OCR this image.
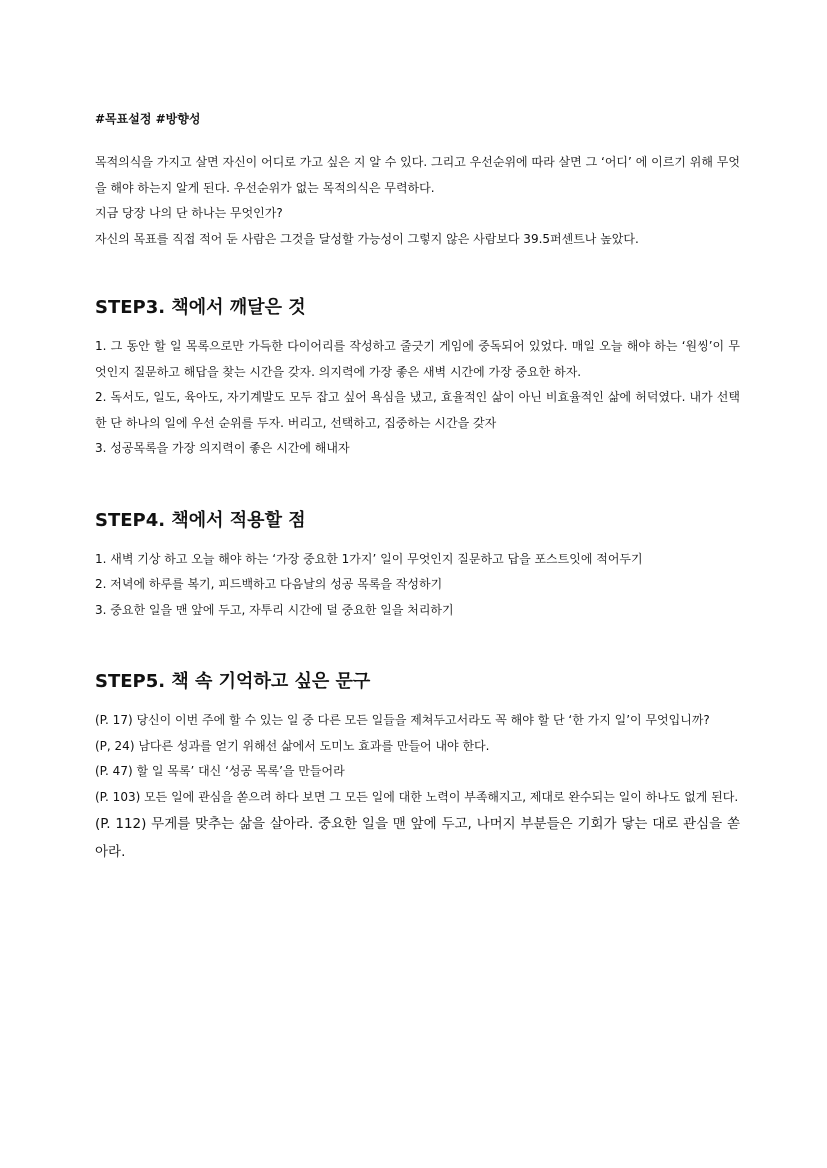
#목표설정 #방향성

목적의식을 가지고 살면 자신이 어디로 가고 싶은 지 알 수 있다. 그리고 우선순위에 따라 살면 그 ‘어디’ 에 이르기 위해 무엇을 해야 하는지 알게 된다. 우선순위가 없는 목적의식은 무력하다.

지금 당장 나의 단 하나는 무엇인가?

자신의 목표를 직접 적어 둔 사람은 그것을 달성할 가능성이 그렇지 않은 사람보다 39.5퍼센트나 높았다.

STEP3. 책에서 깨달은 것

1. 그 동안 할 일 목록으로만 가득한 다이어리를 작성하고 줄긋기 게임에 중독되어 있었다. 매일 오늘 해야 하는 ‘원씽’이 무엇인지 질문하고 해답을 찾는 시간을 갖자. 의지력에 가장 좋은 새벽 시간에 가장 중요한 하자.

2. 독서도, 일도, 육아도, 자기계발도 모두 잡고 싶어 욕심을 냈고, 효율적인 삶이 아닌 비효율적인 삶에 허덕였다. 내가 선택한 단 하나의 일에 우선 순위를 두자. 버리고, 선택하고, 집중하는 시간을 갖자

3. 성공목록을 가장 의지력이 좋은 시간에 해내자

STEP4. 책에서 적용할 점

1. 새벽 기상 하고 오늘 해야 하는 ‘가장 중요한 1가지’ 일이 무엇인지 질문하고 답을 포스트잇에 적어두기

2. 저녁에 하루를 복기, 피드백하고 다음날의 성공 목록을 작성하기

3. 중요한 일을 맨 앞에 두고, 자투리 시간에 덜 중요한 일을 처리하기

STEP5. 책 속 기억하고 싶은 문구

(P. 17) 당신이 이번 주에 할 수 있는 일 중 다른 모든 일들을 제쳐두고서라도 꼭 해야 할 단 ‘한 가지 일’이 무엇입니까?

(P, 24) 남다른 성과를 얻기 위해선 삶에서 도미노 효과를 만들어 내야 한다.

(P. 47) 할 일 목록’ 대신 ‘성공 목록’을 만들어라

(P. 103) 모든 일에 관심을 쏟으려 하다 보면 그 모든 일에 대한 노력이 부족해지고, 제대로 완수되는 일이 하나도 없게 된다.

(P. 112) 무게를 맞추는 삶을 살아라. 중요한 일을 맨 앞에 두고, 나머지 부분들은 기회가 닿는 대로 관심을 쏟아라.
